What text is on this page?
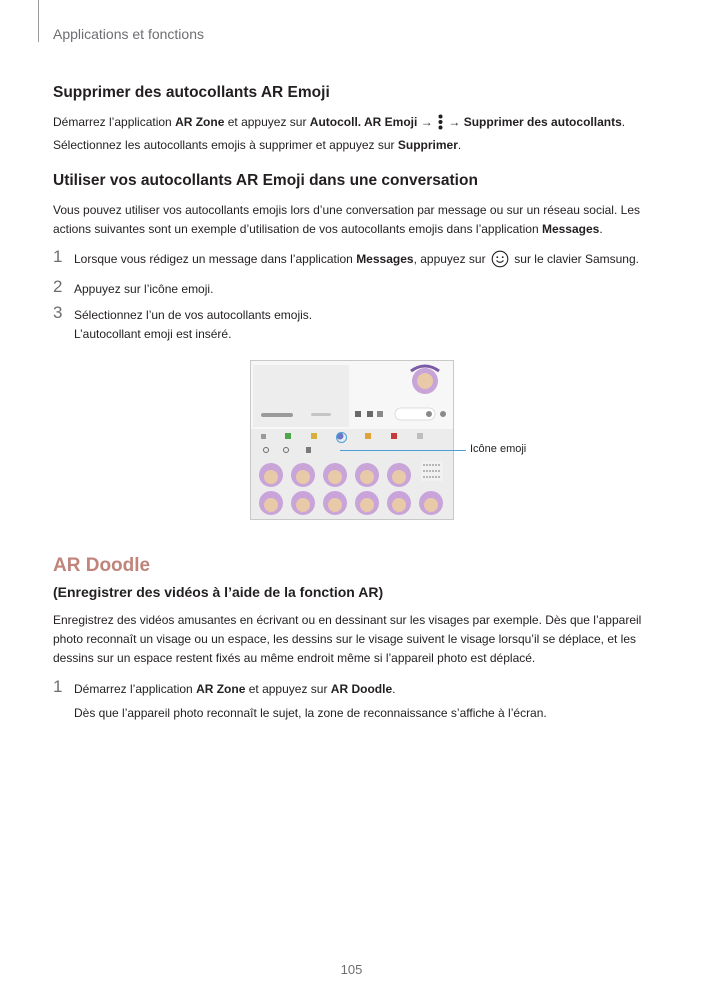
Applications et fonctions
Supprimer des autocollants AR Emoji

Démarrez l’application AR Zone et appuyez sur Autocoll. AR Emoji →  → Supprimer des autocollants.
Sélectionnez les autocollants emojis à supprimer et appuyez sur Supprimer.

Utiliser vos autocollants AR Emoji dans une conversation

Vous pouvez utiliser vos autocollants emojis lors d’une conversation par message ou sur un réseau social. Les actions suivantes sont un exemple d’utilisation de vos autocollants emojis dans l’application Messages.

1 Lorsque vous rédigez un message dans l’application Messages, appuyez sur  sur le clavier Samsung.
2 Appuyez sur l’icône emoji.
3 Sélectionnez l’un de vos autocollants emojis.
L’autocollant emoji est inséré.
Icône emoji
AR Doodle
(Enregistrer des vidéos à l’aide de la fonction AR)

Enregistrez des vidéos amusantes en écrivant ou en dessinant sur les visages par exemple. Dès que l’appareil photo reconnaît un visage ou un espace, les dessins sur le visage suivent le visage lorsqu’il se déplace, et les dessins sur un espace restent fixés au même endroit même si l’appareil photo est déplacé.

1 Démarrez l’application AR Zone et appuyez sur AR Doodle.
Dès que l’appareil photo reconnaît le sujet, la zone de reconnaissance s’affiche à l’écran.
105
